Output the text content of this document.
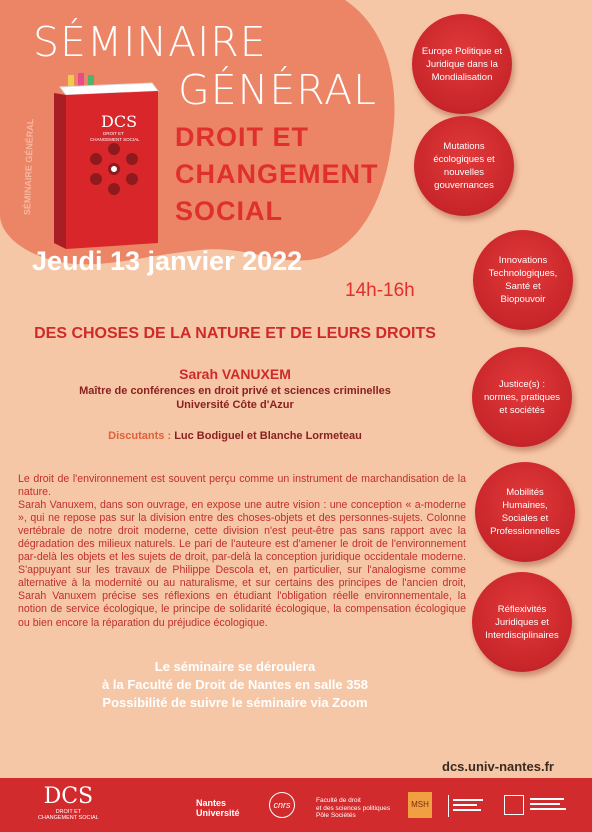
SÉMINAIRE
GÉNÉRAL
DCS
DROIT ET
CHANGEMENT SOCIAL
SÉMINAIRE GÉNÉRAL	DROIT ET
CHANGEMENT
SOCIAL
Jeudi 13 janvier 2022
14h-16h
DES CHOSES DE LA NATURE ET DE LEURS DROITS
Sarah VANUXEM
Maître de conférences en droit privé et sciences criminelles
Université Côte d'Azur
Discutants : Luc Bodiguel et Blanche Lormeteau

Le droit de l'environnement est souvent perçu comme un instrument de marchandisation de la nature.

Sarah Vanuxem, dans son ouvrage, en expose une autre vision : une conception « a-moderne », qui ne repose pas sur la division entre des choses-objets et des personnes-sujets. Colonne vertébrale de notre droit moderne, cette division n'est peut-être pas sans rapport avec la dégradation des milieux naturels. Le pari de l'auteure est d'amener le droit de l'environnement par-delà les objets et les sujets de droit, par-delà la conception juridique occidentale moderne. S'appuyant sur les travaux de Philippe Descola et, en particulier, sur l'analogisme comme alternative à la modernité ou au naturalisme, et sur certains des principes de l'ancien droit, Sarah Vanuxem précise ses réflexions en étudiant l'obligation réelle environnementale, la notion de service écologique, le principe de solidarité écologique, la compensation écologique ou bien encore la réparation du préjudice écologique.

Le séminaire se déroulera
à la Faculté de Droit de Nantes en salle 358
Possibilité de suivre le séminaire via Zoom
dcs.univ-nantes.fr
Europe Politique et Juridique dans la Mondialisation
Mutations écologiques et nouvelles gouvernances
Innovations Technologiques, Santé et Biopouvoir
Justice(s) : normes, pratiques et sociétés
Mobilités Humaines, Sociales et Professionnelles
Réflexivités Juridiques et Interdisciplinaires
DCS
DROIT ET
CHANGEMENT SOCIAL
Nantes
Université
cnrs	Faculté de droit
et des sciences politiques
Pôle Sociétés
MSH
